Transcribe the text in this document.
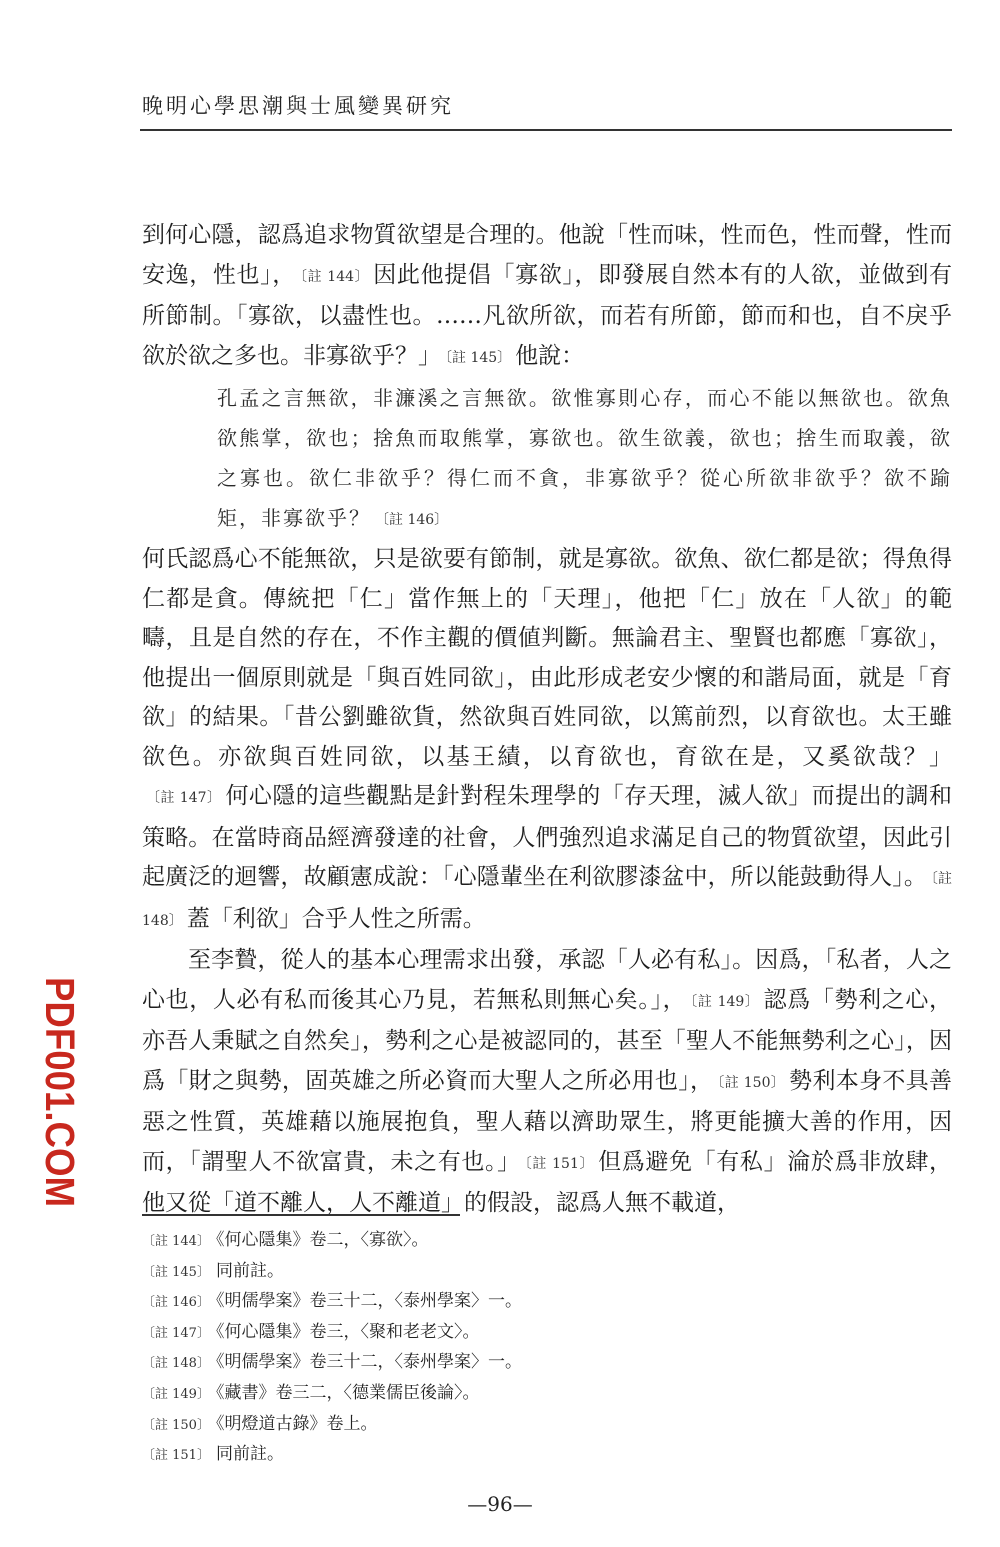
晚明心學思潮與士風變異研究

到何心隱，認爲追求物質欲望是合理的。他說「性而味，性而色，性而聲，性而安逸，性也」， 〔註 144〕 因此他提倡「寡欲」，即發展自然本有的人欲，並做到有所節制。「寡欲，以盡性也。……凡欲所欲，而若有所節，節而和也，自不戾乎欲於欲之多也。非寡欲乎？」 〔註 145〕 他說：

孔孟之言無欲，非濂溪之言無欲。欲惟寡則心存，而心不能以無欲也。欲魚欲熊掌，欲也；捨魚而取熊掌，寡欲也。欲生欲義，欲也；捨生而取義，欲之寡也。欲仁非欲乎？得仁而不貪，非寡欲乎？從心所欲非欲乎？欲不踰矩，非寡欲乎？ 〔註 146〕

何氏認爲心不能無欲，只是欲要有節制，就是寡欲。欲魚、欲仁都是欲；得魚得仁都是貪。傳統把「仁」當作無上的「天理」，他把「仁」放在「人欲」的範疇，且是自然的存在，不作主觀的價値判斷。無論君主、聖賢也都應「寡欲」，他提出一個原則就是「與百姓同欲」，由此形成老安少懷的和諧局面，就是「育欲」的結果。「昔公劉雖欲貨，然欲與百姓同欲，以篤前烈，以育欲也。太王雖欲色。亦欲與百姓同欲，以基王績，以育欲也，育欲在是，又奚欲哉？」〔註 147〕 何心隱的這些觀點是針對程朱理學的「存天理，滅人欲」而提出的調和策略。在當時商品經濟發達的社會，人們強烈追求滿足自己的物質欲望，因此引起廣泛的迴響，故顧憲成說：「心隱輩坐在利欲膠漆盆中，所以能鼓動得人」。 〔註 148〕 蓋「利欲」合乎人性之所需。

至李贄，從人的基本心理需求出發，承認「人必有私」。因爲，「私者，人之心也，人必有私而後其心乃見，若無私則無心矣。」， 〔註 149〕 認爲「勢利之心，亦吾人秉賦之自然矣」，勢利之心是被認同的，甚至「聖人不能無勢利之心」，因爲「財之與勢，固英雄之所必資而大聖人之所必用也」， 〔註 150〕 勢利本身不具善惡之性質，英雄藉以施展抱負，聖人藉以濟助眾生，將更能擴大善的作用，因而，「謂聖人不欲富貴，未之有也。」 〔註 151〕 但爲避免「有私」淪於爲非放肆，他又從「道不離人，人不離道」的假設，認爲人無不載道，

PDF001.COM
〔註 144〕 《何心隱集》卷二，〈寡欲〉。
〔註 145〕 同前註。
〔註 146〕 《明儒學案》卷三十二，〈泰州學案〉一。
〔註 147〕 《何心隱集》卷三，〈聚和老老文〉。
〔註 148〕 《明儒學案》卷三十二，〈泰州學案〉一。
〔註 149〕 《藏書》卷三二，〈德業儒臣後論〉。
〔註 150〕 《明燈道古錄》卷上。
〔註 151〕 同前註。
—96—
